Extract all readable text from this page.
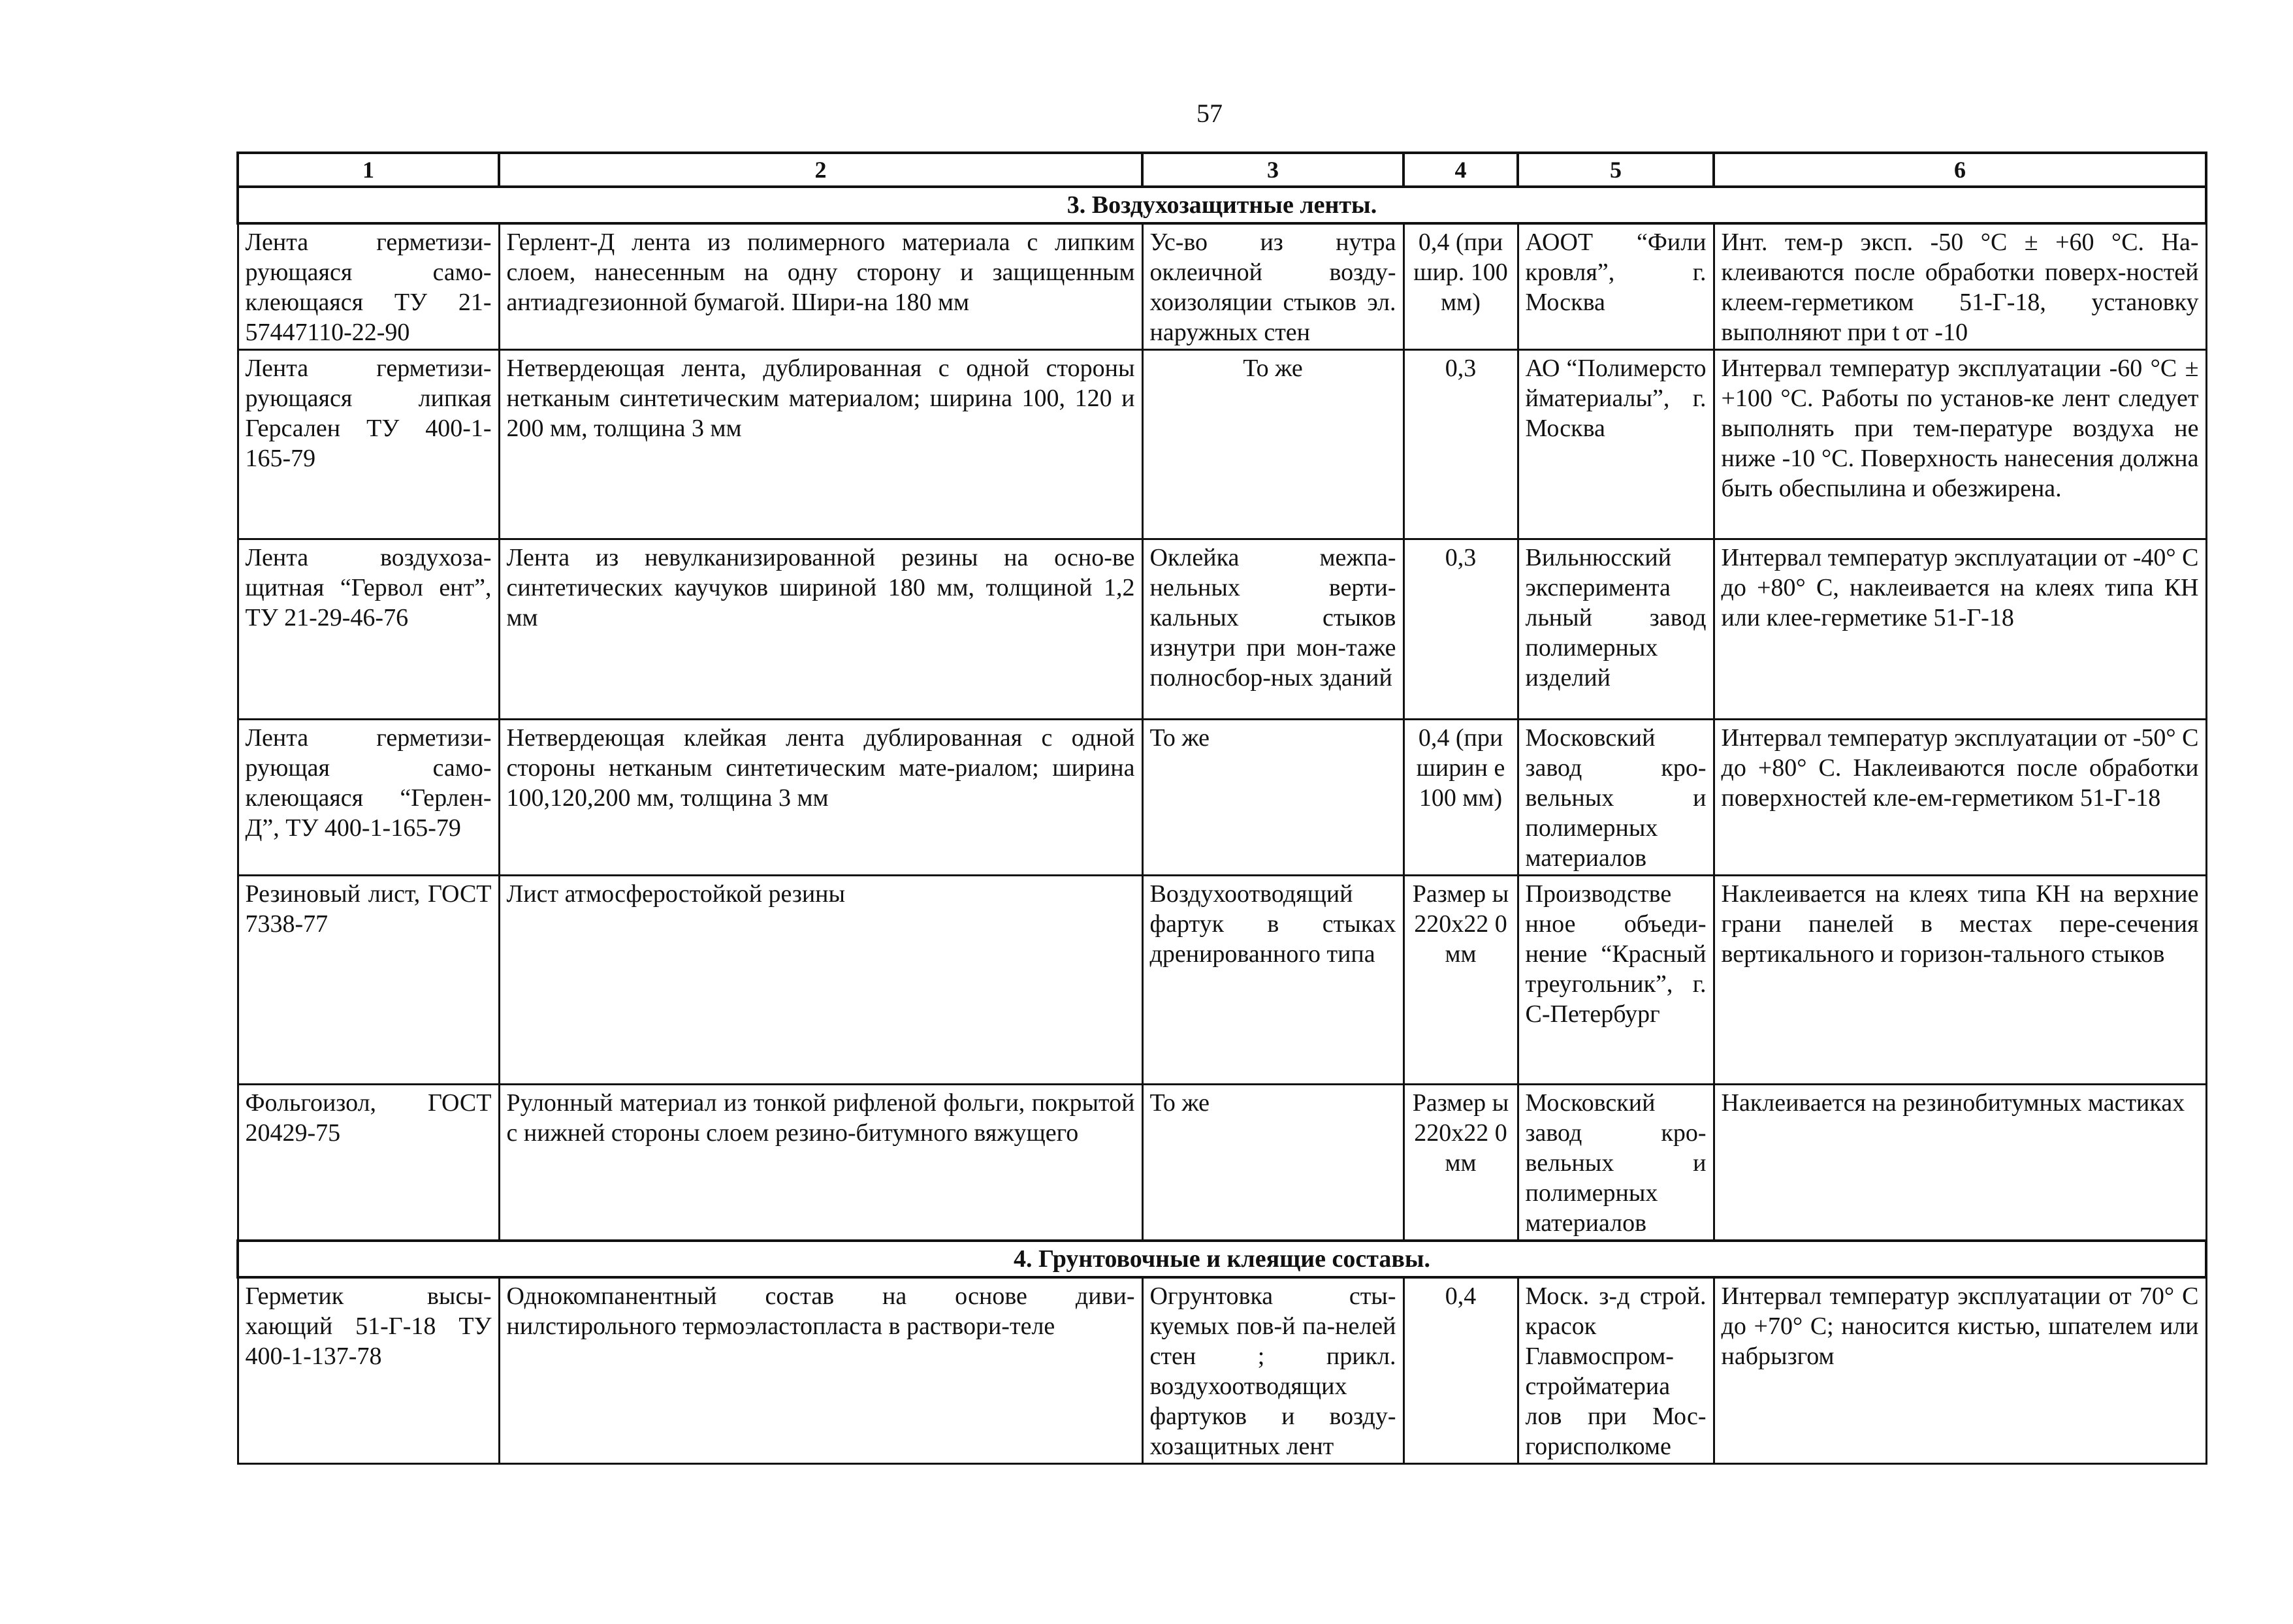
57
1	2	3	4	5	6
3. Воздухозащитные ленты.					
Лента герметизи-рующаяся само-клеющаяся ТУ 21-57447110-22-90	Герлент-Д лента из полимерного материала с липким слоем, нанесенным на одну сторону и защищенным антиадгезионной бумагой. Шири-на 180 мм	Ус-во из нутра оклеичной возду-хоизоляции стыков эл. наружных стен	0,4 (при шир. 100 мм)	АООТ “Фили кровля”, г. Москва	Инт. тем-р эксп. -50 °С ± +60 °С. На-клеиваются после обработки поверх-ностей клеем-герметиком 51-Г-18, установку выполняют при t от -10
Лента герметизи-рующаяся липкая Герсален ТУ 400-1-165-79	Нетвердеющая лента, дублированная с одной стороны нетканым синтетическим материалом; ширина 100, 120 и 200 мм, толщина 3 мм	То же	0,3	АО “Полимерсто йматериалы”, г. Москва	Интервал температур эксплуатации -60 °С ± +100 °С. Работы по установ-ке лент следует выполнять при тем-пературе воздуха не ниже -10 °С. Поверхность нанесения должна быть обеспылина и обезжирена.
Лента воздухоза-щитная “Гервол ент”, ТУ 21-29-46-76	Лента из невулканизированной резины на осно-ве синтетических каучуков шириной 180 мм, толщиной 1,2 мм	Оклейка межпа-нельных верти-кальных стыков изнутри при мон-таже полносбор-ных зданий	0,3	Вильнюсский эксперимента льный завод полимерных изделий	Интервал температур эксплуатации от -40° С до +80° С, наклеивается на клеях типа КН или клее-герметике 51-Г-18
Лента герметизи-рующая само-клеющаяся “Герлен-Д”, ТУ 400-1-165-79	Нетвердеющая клейкая лента дублированная с одной стороны нетканым синтетическим мате-риалом; ширина 100,120,200 мм, толщина 3 мм	То же	0,4 (при ширин е 100 мм)	Московский завод кро-вельных и полимерных материалов	Интервал температур эксплуатации от -50° С до +80° С. Наклеиваются после обработки поверхностей кле-ем-герметиком 51-Г-18
Резиновый лист, ГОСТ 7338-77	Лист атмосферостойкой резины	Воздухоотводящий фартук в стыках дренированного типа	Размер ы 220х22 0 мм	Производстве нное объеди-нение “Красный треугольник”, г. С-Петербург	Наклеивается на клеях типа КН на верхние грани панелей в местах пере-сечения вертикального и горизон-тального стыков
Фольгоизол, ГОСТ 20429-75	Рулонный материал из тонкой рифленой фольги, покрытой с нижней стороны слоем резино-битумного вяжущего	То же	Размер ы 220х22 0 мм	Московский завод кро-вельных и полимерных материалов	Наклеивается на резинобитумных мастиках
4. Грунтовочные и клеящие составы.					
Герметик высы-хающий 51-Г-18 ТУ 400-1-137-78	Однокомпанентный состав на основе диви-нилстирольного термоэластопласта в раствори-теле	Огрунтовка сты-куемых пов-й па-нелей стен ; прикл. воздухоотводящих фартуков и возду-хозащитных лент	0,4	Моск. з-д строй. красок Главмоспром-стройматериа лов при Мос-горисполкоме	Интервал температур эксплуатации от 70° С до +70° С; наносится кистью, шпателем или набрызгом
